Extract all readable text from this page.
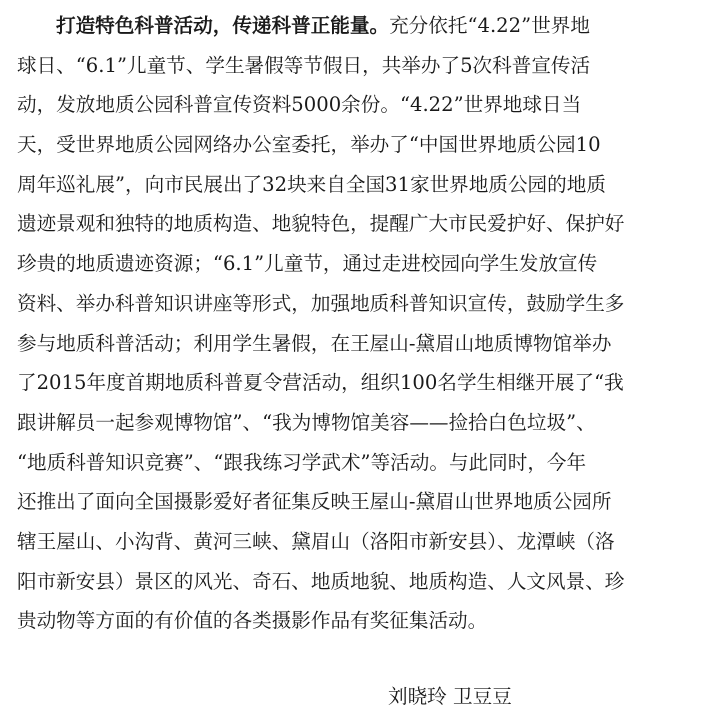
打造特色科普活动，传递科普正能量。 充分依托“4.22”世界地
球日、“6.1”儿童节、学生暑假等节假日，共举办了5次科普宣传活
动，发放地质公园科普宣传资料5000余份。“4.22”世界地球日当
天，受世界地质公园网络办公室委托，举办了“中国世界地质公园10
周年巡礼展”，向市民展出了32块来自全国31家世界地质公园的地质
遗迹景观和独特的地质构造、地貌特色，提醒广大市民爱护好、保护好
珍贵的地质遗迹资源；“6.1”儿童节，通过走进校园向学生发放宣传
资料、举办科普知识讲座等形式，加强地质科普知识宣传，鼓励学生多
参与地质科普活动；利用学生暑假，在王屋山-黛眉山地质博物馆举办
了2015年度首期地质科普夏令营活动，组织100名学生相继开展了“我
跟讲解员一起参观博物馆”、“我为博物馆美容——捡拾白色垃圾”、
“地质科普知识竞赛”、“跟我练习学武术”等活动。与此同时，今年
还推出了面向全国摄影爱好者征集反映王屋山-黛眉山世界地质公园所
辖王屋山、小沟背、黄河三峡、黛眉山（洛阳市新安县）、龙潭峡（洛
阳市新安县）景区的风光、奇石、地质地貌、地质构造、人文风景、珍
贵动物等方面的有价值的各类摄影作品有奖征集活动。
刘晓玲 卫豆豆
